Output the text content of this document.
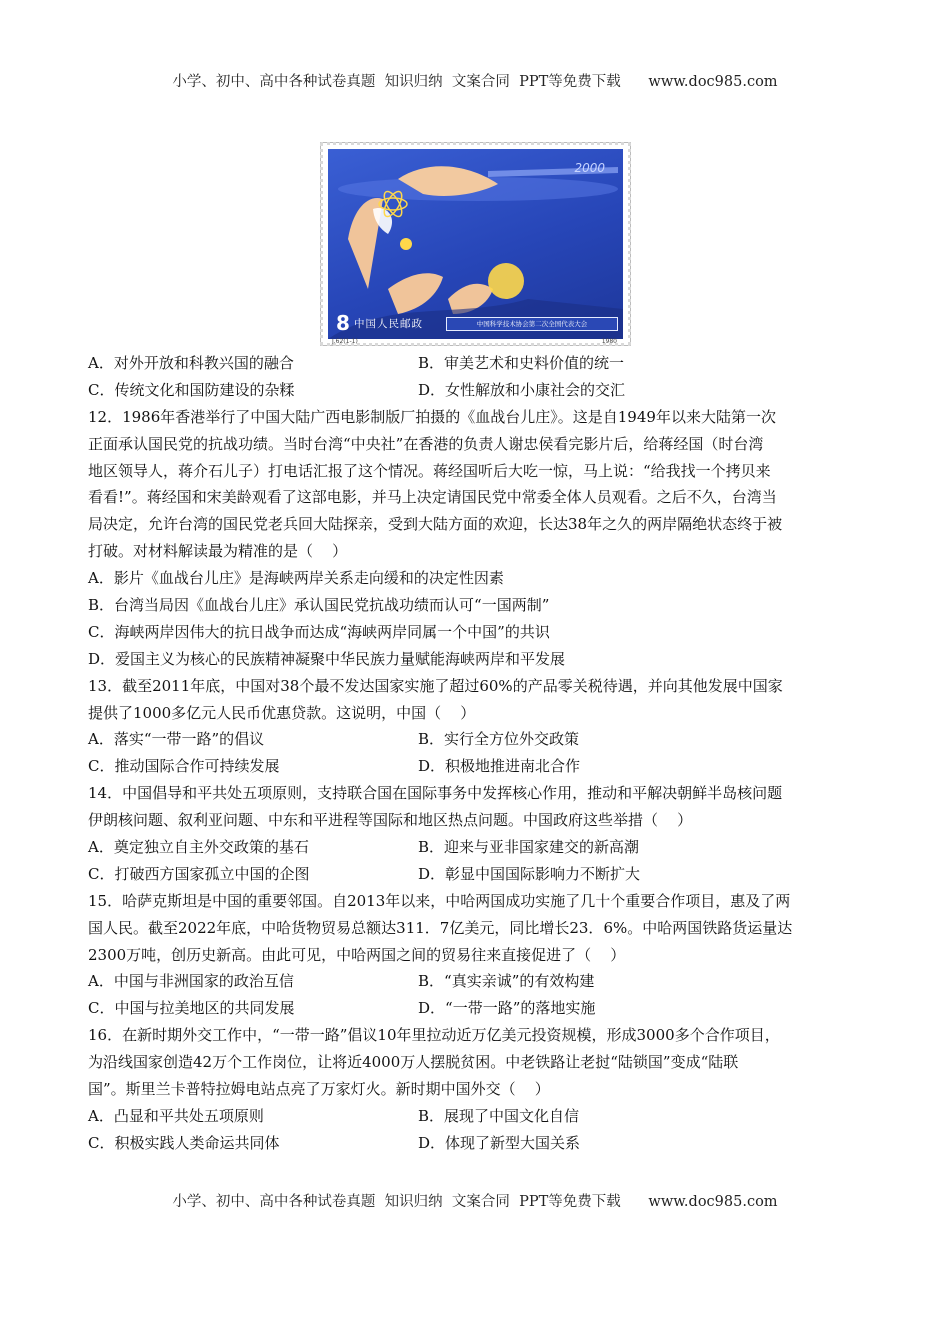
小学、初中、高中各种试卷真题  知识归纳  文案合同  PPT等免费下载      www.doc985.com
2000
8 中国人民邮政	中国科学技术协会第二次全国代表大会
J.62(1-1)	1980
A．对外开放和科教兴国的融合	B．审美艺术和史料价值的统一
C．传统文化和国防建设的杂糅	D．女性解放和小康社会的交汇
12．1986年香港举行了中国大陆广西电影制版厂拍摄的《血战台儿庄》。这是自1949年以来大陆第一次
正面承认国民党的抗战功绩。当时台湾“中央社”在香港的负责人谢忠侯看完影片后，给蒋经国（时台湾
地区领导人，蒋介石儿子）打电话汇报了这个情况。蒋经国听后大吃一惊，马上说：“给我找一个拷贝来
看看!”。蒋经国和宋美龄观看了这部电影，并马上决定请国民党中常委全体人员观看。之后不久，台湾当
局决定，允许台湾的国民党老兵回大陆探亲，受到大陆方面的欢迎，长达38年之久的两岸隔绝状态终于被
打破。对材料解读最为精准的是（    ）
A．影片《血战台儿庄》是海峡两岸关系走向缓和的决定性因素
B．台湾当局因《血战台儿庄》承认国民党抗战功绩而认可“一国两制”
C．海峡两岸因伟大的抗日战争而达成“海峡两岸同属一个中国”的共识
D．爱国主义为核心的民族精神凝聚中华民族力量赋能海峡两岸和平发展
13．截至2011年底，中国对38个最不发达国家实施了超过60%的产品零关税待遇，并向其他发展中国家
提供了1000多亿元人民币优惠贷款。这说明，中国（    ）
A．落实“一带一路”的倡议	B．实行全方位外交政策
C．推动国际合作可持续发展	D．积极地推进南北合作
14．中国倡导和平共处五项原则，支持联合国在国际事务中发挥核心作用，推动和平解决朝鲜半岛核问题
伊朗核问题、叙利亚问题、中东和平进程等国际和地区热点问题。中国政府这些举措（    ）
A．奠定独立自主外交政策的基石	B．迎来与亚非国家建交的新高潮
C．打破西方国家孤立中国的企图	D．彰显中国国际影响力不断扩大
15．哈萨克斯坦是中国的重要邻国。自2013年以来，中哈两国成功实施了几十个重要合作项目，惠及了两
国人民。截至2022年底，中哈货物贸易总额达311．7亿美元，同比增长23．6%。中哈两国铁路货运量达
2300万吨，创历史新高。由此可见，中哈两国之间的贸易往来直接促进了（    ）
A．中国与非洲国家的政治互信	B．“真实亲诚”的有效构建
C．中国与拉美地区的共同发展	D．“一带一路”的落地实施
16．在新时期外交工作中，“一带一路”倡议10年里拉动近万亿美元投资规模，形成3000多个合作项目，
为沿线国家创造42万个工作岗位，让将近4000万人摆脱贫困。中老铁路让老挝“陆锁国”变成“陆联
国”。斯里兰卡普特拉姆电站点亮了万家灯火。新时期中国外交（    ）
A．凸显和平共处五项原则	B．展现了中国文化自信
C．积极实践人类命运共同体	D．体现了新型大国关系
小学、初中、高中各种试卷真题  知识归纳  文案合同  PPT等免费下载      www.doc985.com
